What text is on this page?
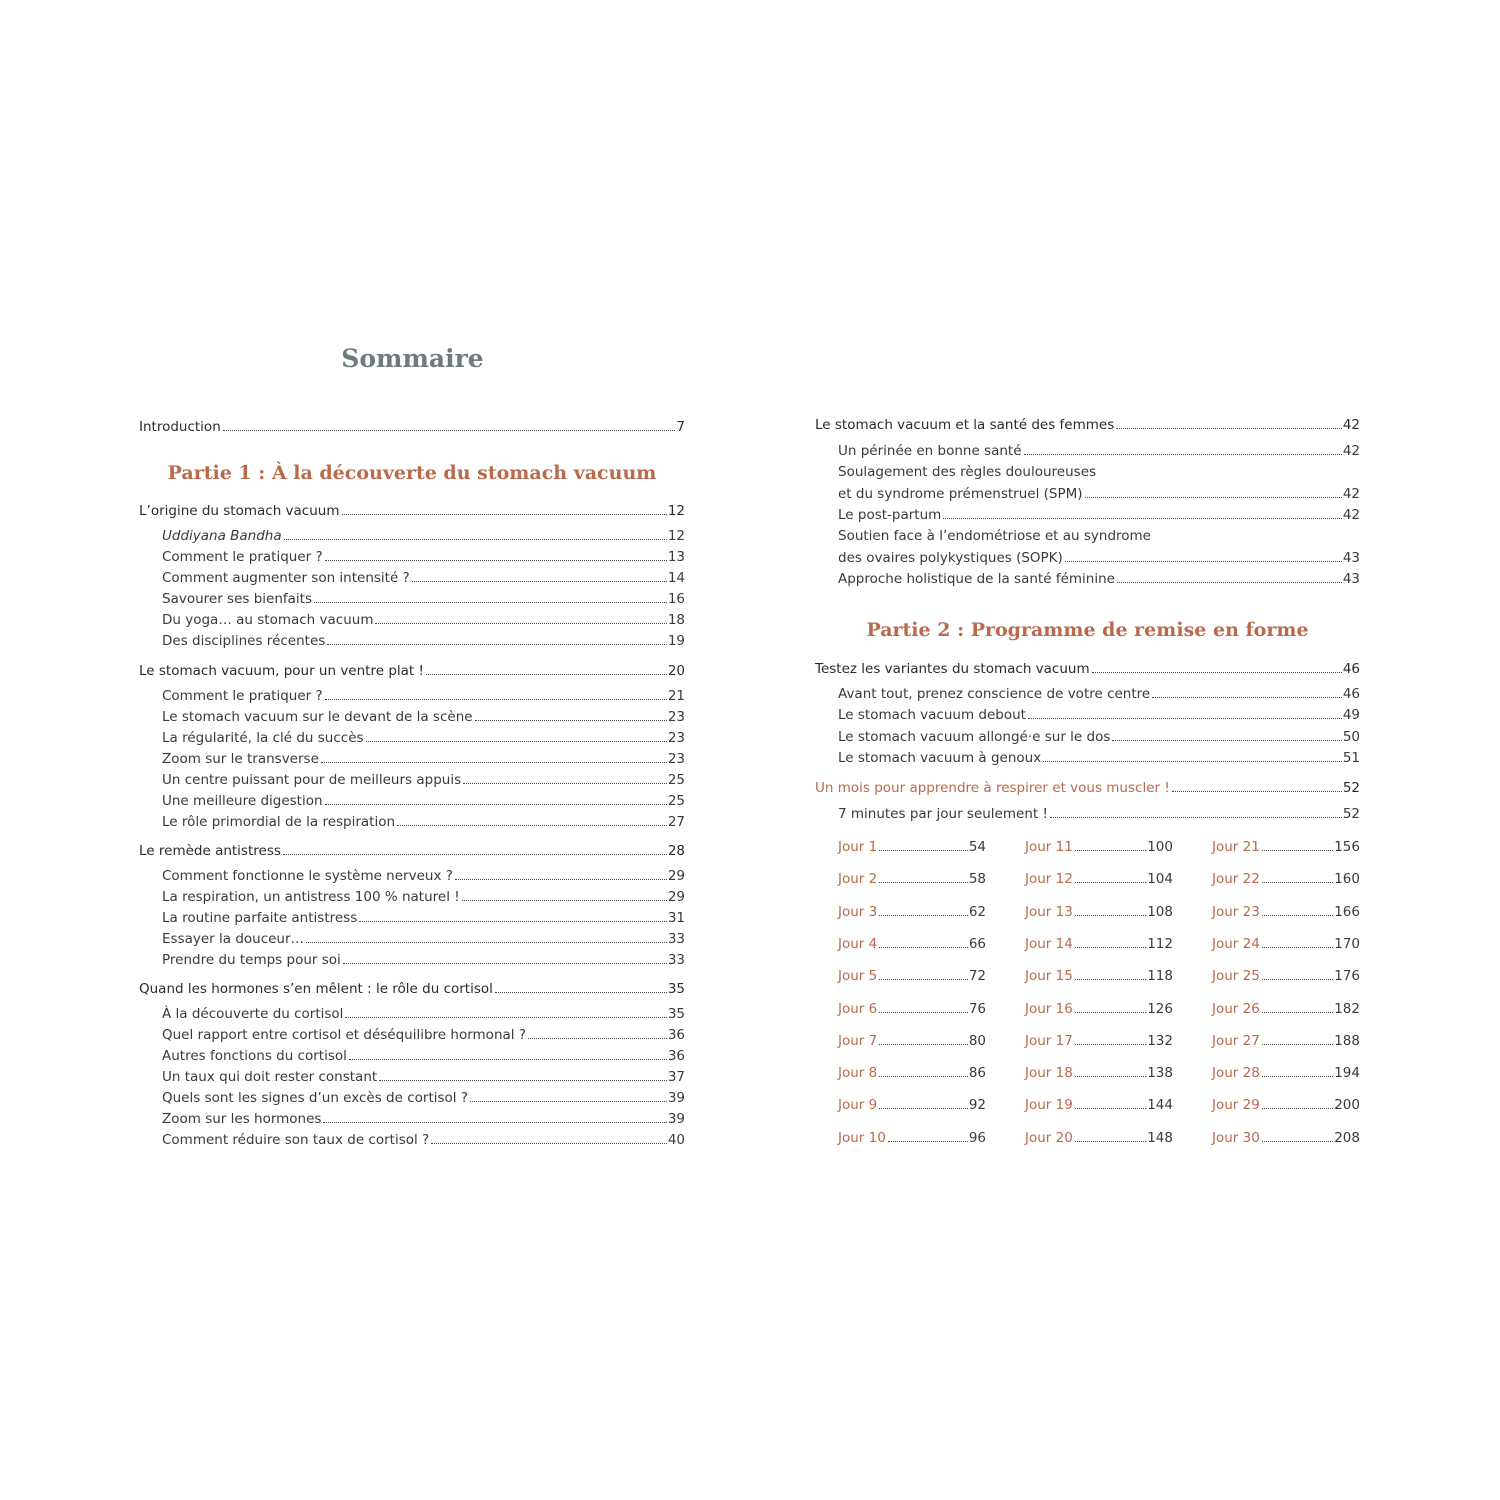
Sommaire
Introduction	7
Partie 1 : À la découverte du stomach vacuum
L’origine du stomach vacuum	12
Uddiyana Bandha	12
Comment le pratiquer ?	13
Comment augmenter son intensité ?	14
Savourer ses bienfaits	16
Du yoga… au stomach vacuum	18
Des disciplines récentes	19
Le stomach vacuum, pour un ventre plat !	20
Comment le pratiquer ?	21
Le stomach vacuum sur le devant de la scène	23
La régularité, la clé du succès	23
Zoom sur le transverse	23
Un centre puissant pour de meilleurs appuis	25
Une meilleure digestion	25
Le rôle primordial de la respiration	27
Le remède antistress	28
Comment fonctionne le système nerveux ?	29
La respiration, un antistress 100 % naturel !	29
La routine parfaite antistress	31
Essayer la douceur…	33
Prendre du temps pour soi	33
Quand les hormones s’en mêlent : le rôle du cortisol	35
À la découverte du cortisol	35
Quel rapport entre cortisol et déséquilibre hormonal ?	36
Autres fonctions du cortisol	36
Un taux qui doit rester constant	37
Quels sont les signes d’un excès de cortisol ?	39
Zoom sur les hormones	39
Comment réduire son taux de cortisol ?	40
Le stomach vacuum et la santé des femmes	42
Un périnée en bonne santé	42
Soulagement des règles douloureuses
et du syndrome prémenstruel (SPM)	42
Le post-partum	42
Soutien face à l’endométriose et au syndrome
des ovaires polykystiques (SOPK)	43
Approche holistique de la santé féminine	43
Partie 2 : Programme de remise en forme
Testez les variantes du stomach vacuum	46
Avant tout, prenez conscience de votre centre	46
Le stomach vacuum debout	49
Le stomach vacuum allongé·e sur le dos	50
Le stomach vacuum à genoux	51
Un mois pour apprendre à respirer et vous muscler !	52
7 minutes par jour seulement !	52
Jour 1	54
Jour 2	58
Jour 3	62
Jour 4	66
Jour 5	72
Jour 6	76
Jour 7	80
Jour 8	86
Jour 9	92
Jour 10	96
Jour 11	100
Jour 12	104
Jour 13	108
Jour 14	112
Jour 15	118
Jour 16	126
Jour 17	132
Jour 18	138
Jour 19	144
Jour 20	148
Jour 21	156
Jour 22	160
Jour 23	166
Jour 24	170
Jour 25	176
Jour 26	182
Jour 27	188
Jour 28	194
Jour 29	200
Jour 30	208
